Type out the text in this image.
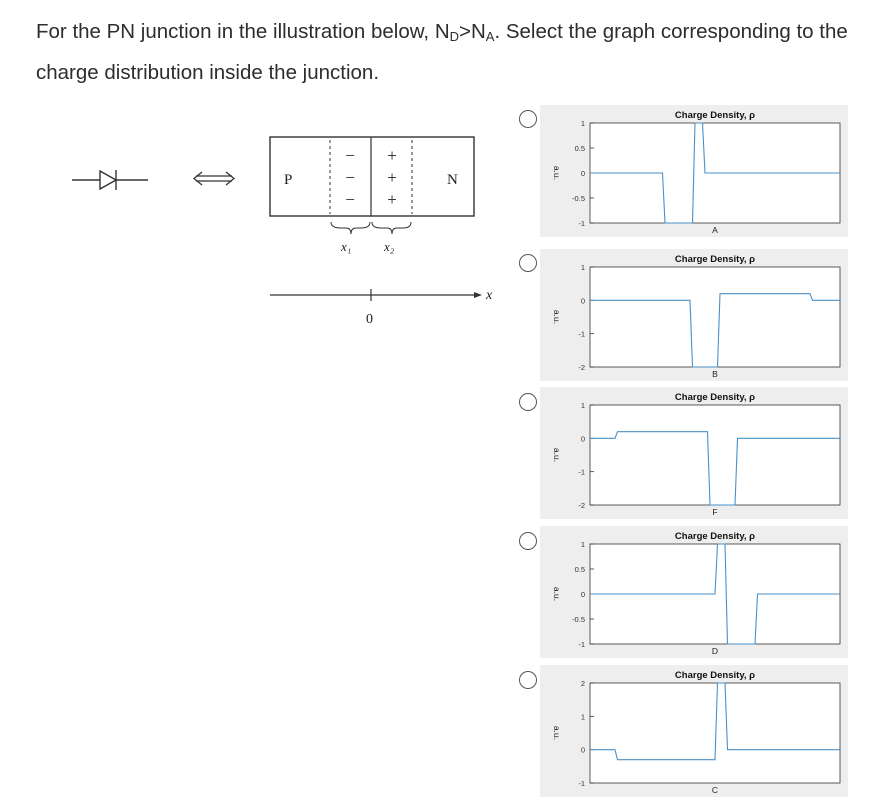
For the PN junction in the illustration below, $N_D>N_A$. Select the graph corresponding to the charge distribution inside the junction.
P	N
−
−
−
+
+
+
x₁	x₂
0
x
Charge Density, ρ
A
a.u.
1
0.5
0
-0.5
-1
Charge Density, ρ
B
a.u.
1
0
-1
-2
Charge Density, ρ
F
a.u.
1
0
-1
-2
Charge Density, ρ
D
a.u.
1
0.5
0
-0.5
-1
Charge Density, ρ
C
a.u.
2
1
0
-1
